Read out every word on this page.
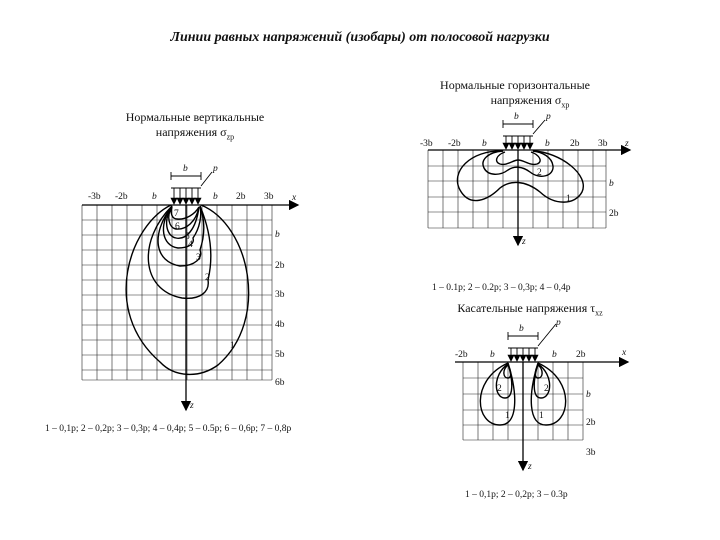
Линии равных напряжений (изобары) от полосовой нагрузки
Нормальные вертикальные
напряжения $\sigma_{zp}$
Нормальные горизонтальные
напряжения $\sigma_{xp}$
Касательные напряжения $\tau_{xz}$
1 – 0,1p; 2 – 0,2p; 3 – 0,3p; 4 – 0,4p; 5 – 0.5p; 6 – 0,6p; 7 – 0,8p
1 – 0.1p; 2 – 0.2p; 3 – 0,3p; 4 – 0,4p
1 – 0,1p; 2 – 0,2p; 3 – 0.3p
x
z
-3b -2b	b	b 2b 3b
b
2b
3b
4b
5b
6b
b	p
7
6
5
4
3
2
1
z
z
-3b -2b b	b 2b 3b
b
2b
b	p
2
1
x
z
-2b b	b 2b
b
2b
3b
b
p
2	2
1	1
